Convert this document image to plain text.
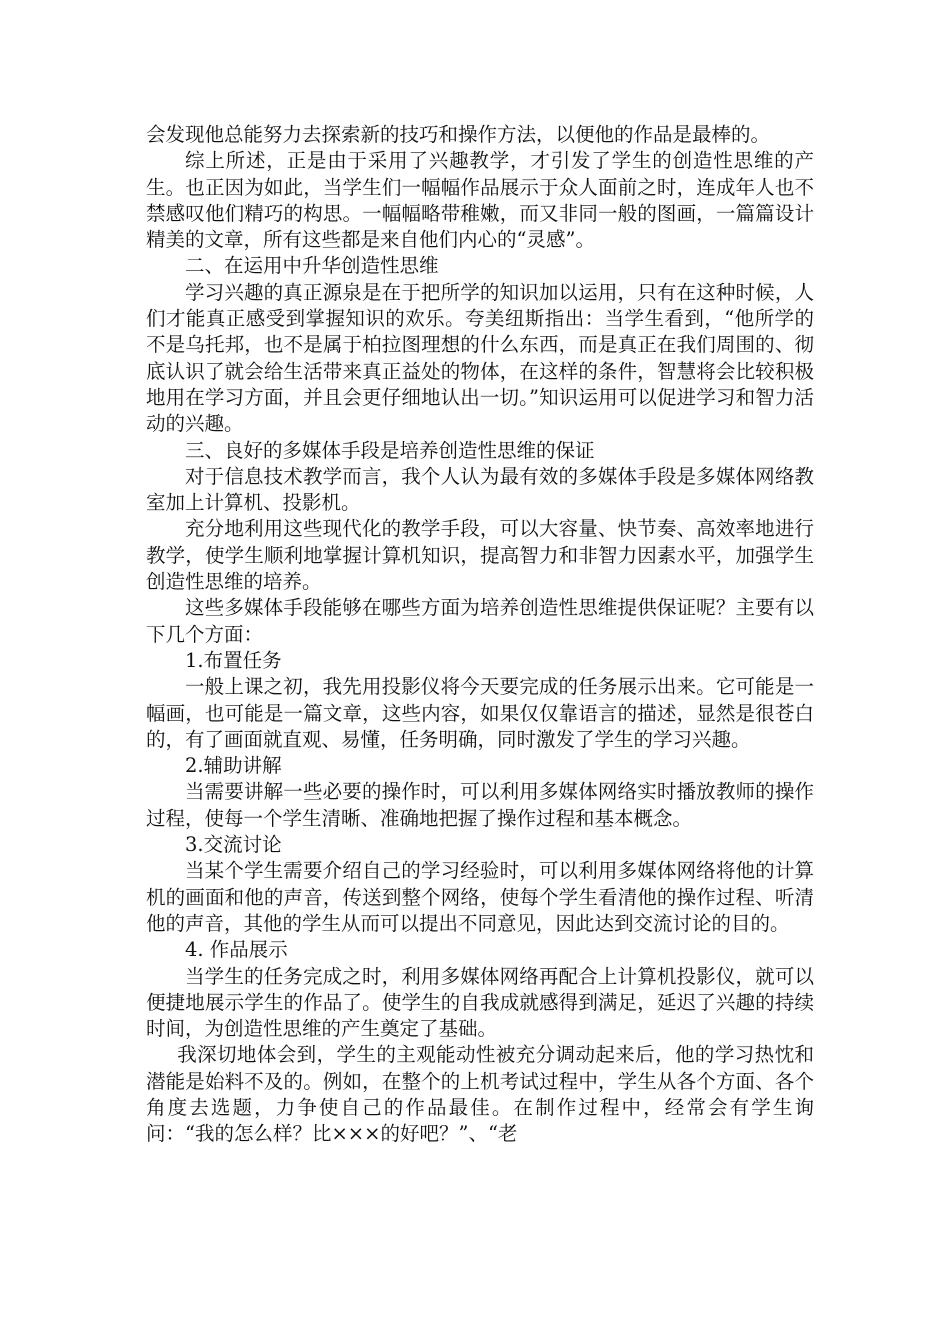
会发现他总能努力去探索新的技巧和操作方法，以便他的作品是最棒的。

综上所述，正是由于采用了兴趣教学，才引发了学生的创造性思维的产生。也正因为如此，当学生们一幅幅作品展示于众人面前之时，连成年人也不禁感叹他们精巧的构思。一幅幅略带稚嫩，而又非同一般的图画，一篇篇设计精美的文章，所有这些都是来自他们内心的“灵感”。

二、在运用中升华创造性思维

学习兴趣的真正源泉是在于把所学的知识加以运用，只有在这种时候，人们才能真正感受到掌握知识的欢乐。夸美纽斯指出：当学生看到，“他所学的不是乌托邦，也不是属于柏拉图理想的什么东西，而是真正在我们周围的、彻底认识了就会给生活带来真正益处的物体，在这样的条件，智慧将会比较积极地用在学习方面，并且会更仔细地认出一切。”知识运用可以促进学习和智力活动的兴趣。

三、良好的多媒体手段是培养创造性思维的保证

对于信息技术教学而言，我个人认为最有效的多媒体手段是多媒体网络教室加上计算机、投影机。

充分地利用这些现代化的教学手段，可以大容量、快节奏、高效率地进行教学，使学生顺利地掌握计算机知识，提高智力和非智力因素水平，加强学生创造性思维的培养。

这些多媒体手段能够在哪些方面为培养创造性思维提供保证呢？主要有以下几个方面：

1.布置任务

一般上课之初，我先用投影仪将今天要完成的任务展示出来。它可能是一幅画，也可能是一篇文章，这些内容，如果仅仅靠语言的描述，显然是很苍白的，有了画面就直观、易懂，任务明确，同时激发了学生的学习兴趣。

2.辅助讲解

当需要讲解一些必要的操作时，可以利用多媒体网络实时播放教师的操作过程，使每一个学生清晰、准确地把握了操作过程和基本概念。

3.交流讨论

当某个学生需要介绍自己的学习经验时，可以利用多媒体网络将他的计算机的画面和他的声音，传送到整个网络，使每个学生看清他的操作过程、听清他的声音，其他的学生从而可以提出不同意见，因此达到交流讨论的目的。

4. 作品展示

当学生的任务完成之时，利用多媒体网络再配合上计算机投影仪，就可以便捷地展示学生的作品了。使学生的自我成就感得到满足，延迟了兴趣的持续时间，为创造性思维的产生奠定了基础。

我深切地体会到，学生的主观能动性被充分调动起来后，他的学习热忱和潜能是始料不及的。例如，在整个的上机考试过程中，学生从各个方面、各个角度去选题，力争使自己的作品最佳。在制作过程中，经常会有学生询问：“我的怎么样？比×××的好吧？”、“老
